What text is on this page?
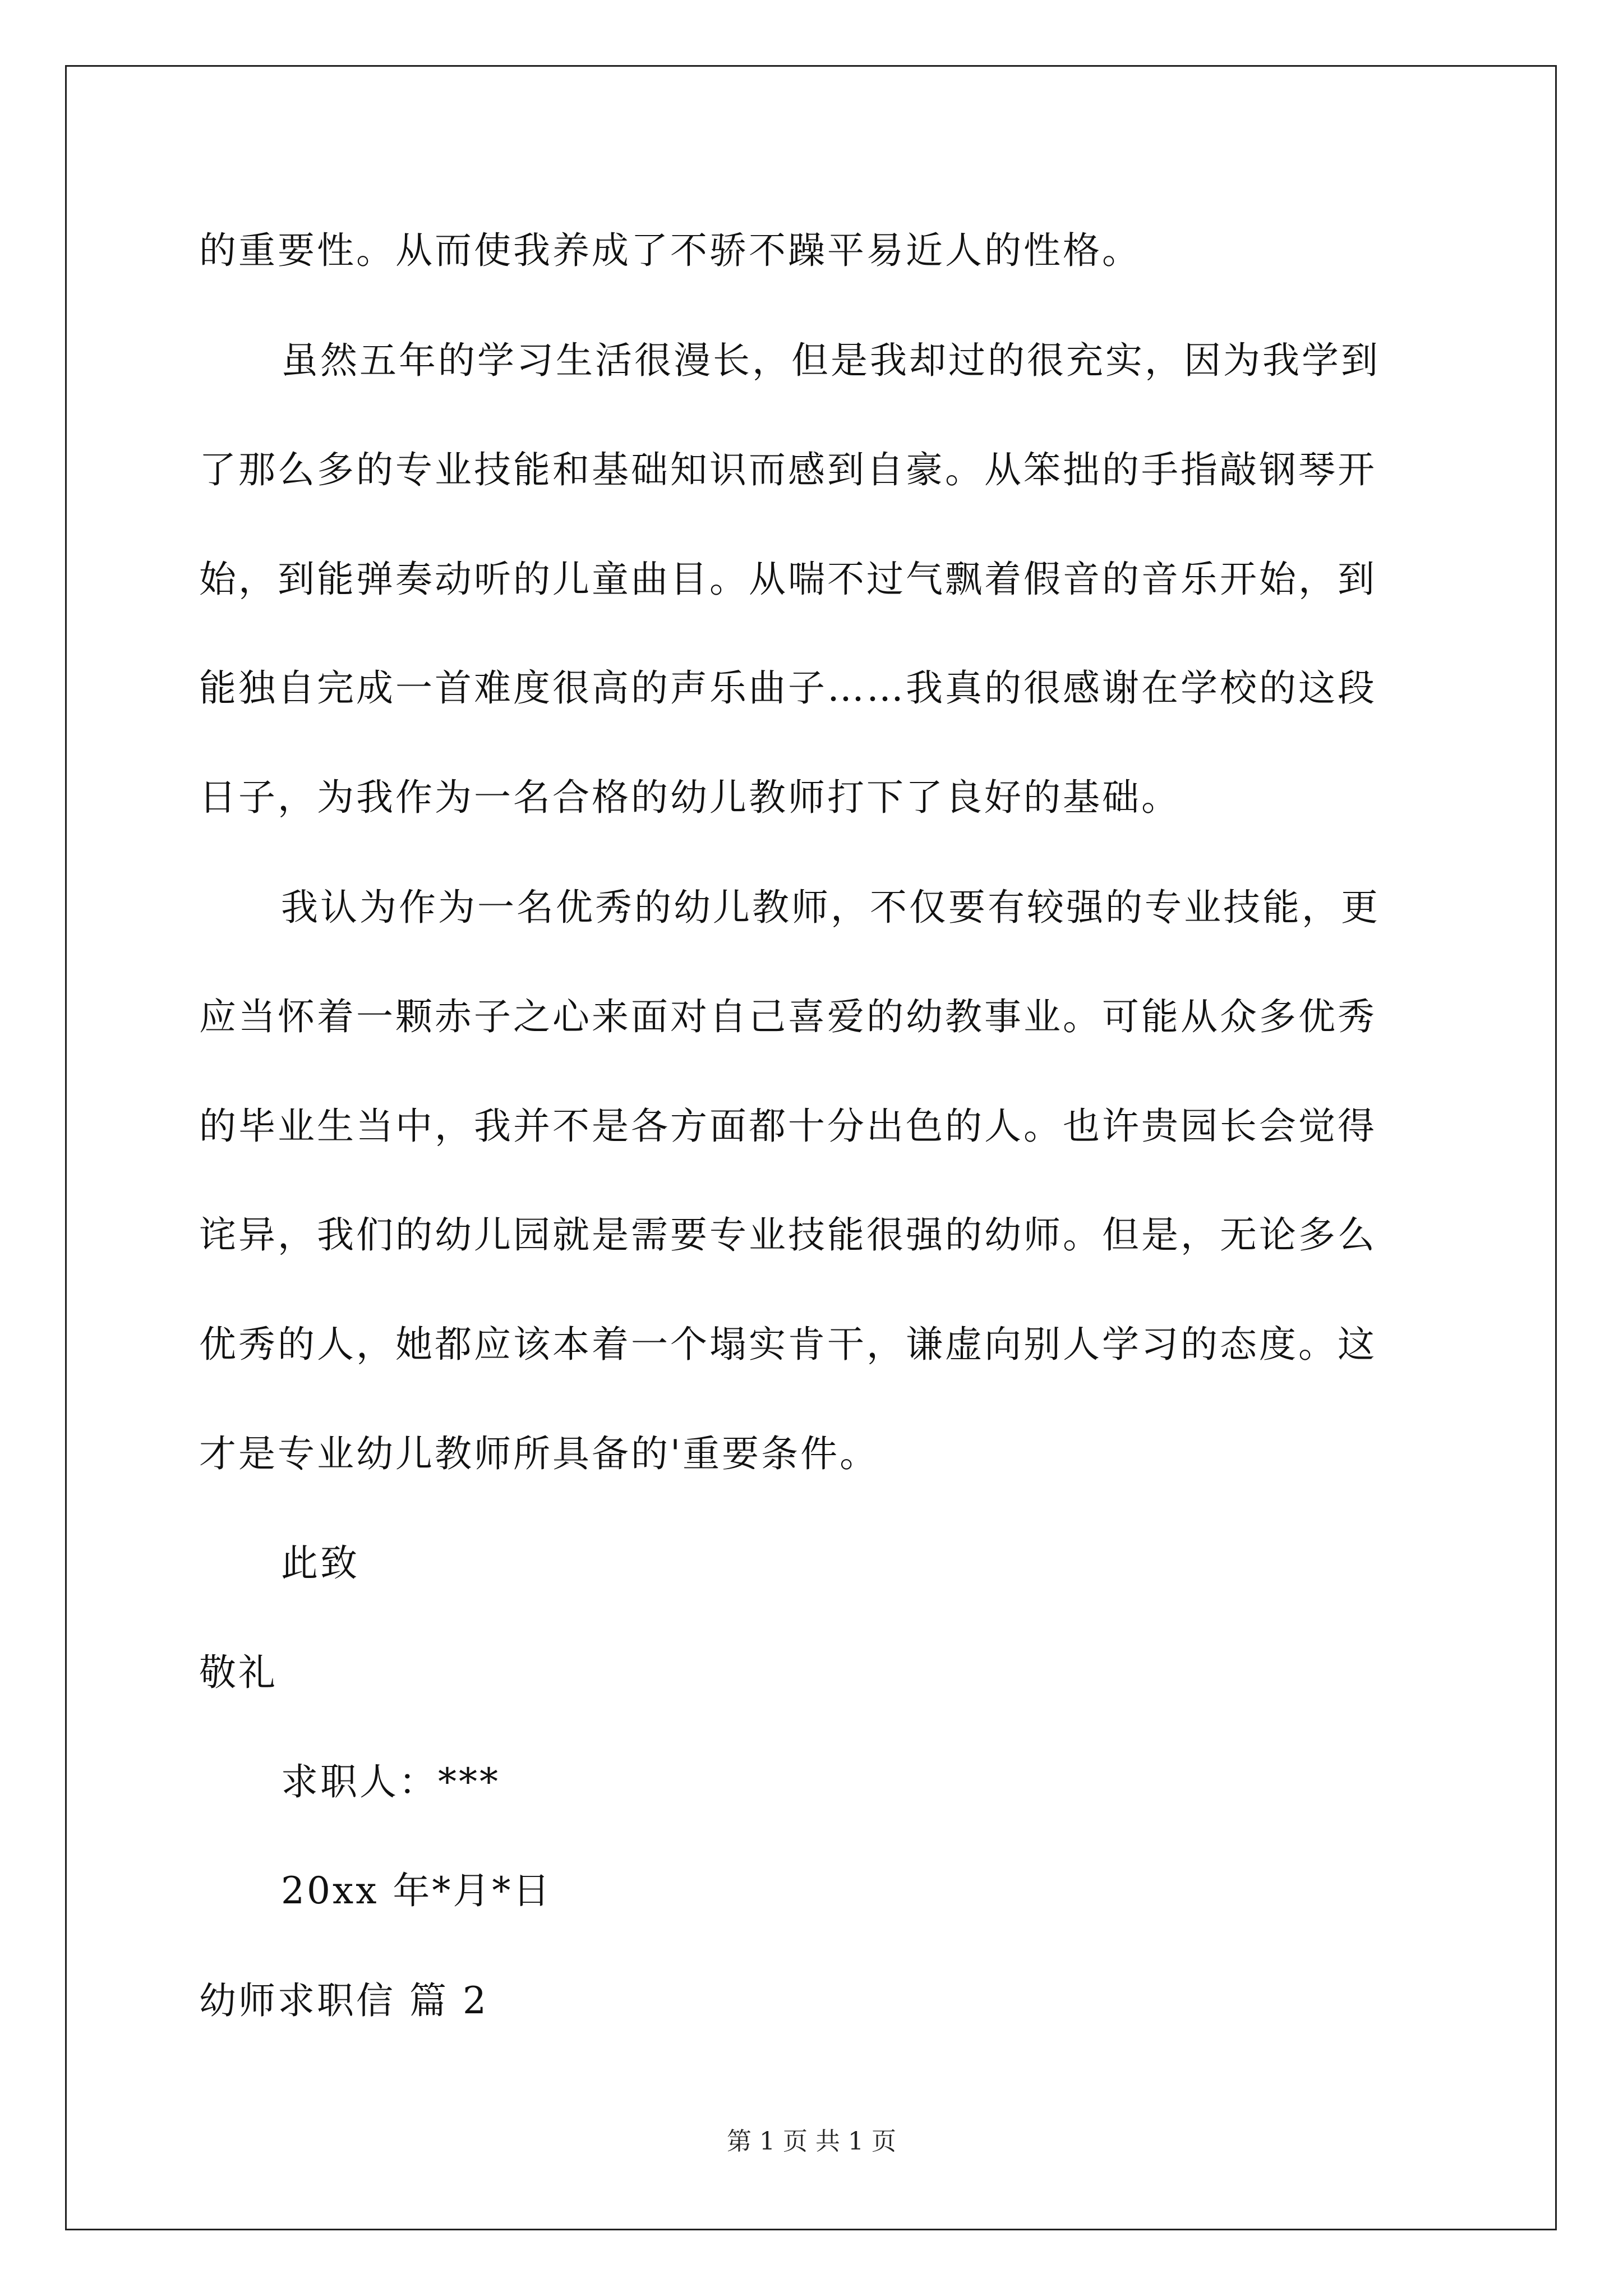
的重要性。从而使我养成了不骄不躁平易近人的性格。
虽然五年的学习生活很漫长，但是我却过的很充实，因为我学到
了那么多的专业技能和基础知识而感到自豪。从笨拙的手指敲钢琴开
始，到能弹奏动听的儿童曲目。从喘不过气飘着假音的音乐开始，到
能独自完成一首难度很高的声乐曲子……我真的很感谢在学校的这段
日子，为我作为一名合格的幼儿教师打下了良好的基础。
我认为作为一名优秀的幼儿教师，不仅要有较强的专业技能，更
应当怀着一颗赤子之心来面对自己喜爱的幼教事业。可能从众多优秀
的毕业生当中，我并不是各方面都十分出色的人。也许贵园长会觉得
诧异，我们的幼儿园就是需要专业技能很强的幼师。但是，无论多么
优秀的人，她都应该本着一个塌实肯干，谦虚向别人学习的态度。这
才是专业幼儿教师所具备的'重要条件。
此致
敬礼
求职人：***
20xx 年*月*日
幼师求职信 篇 2
第 1 页 共 1 页
